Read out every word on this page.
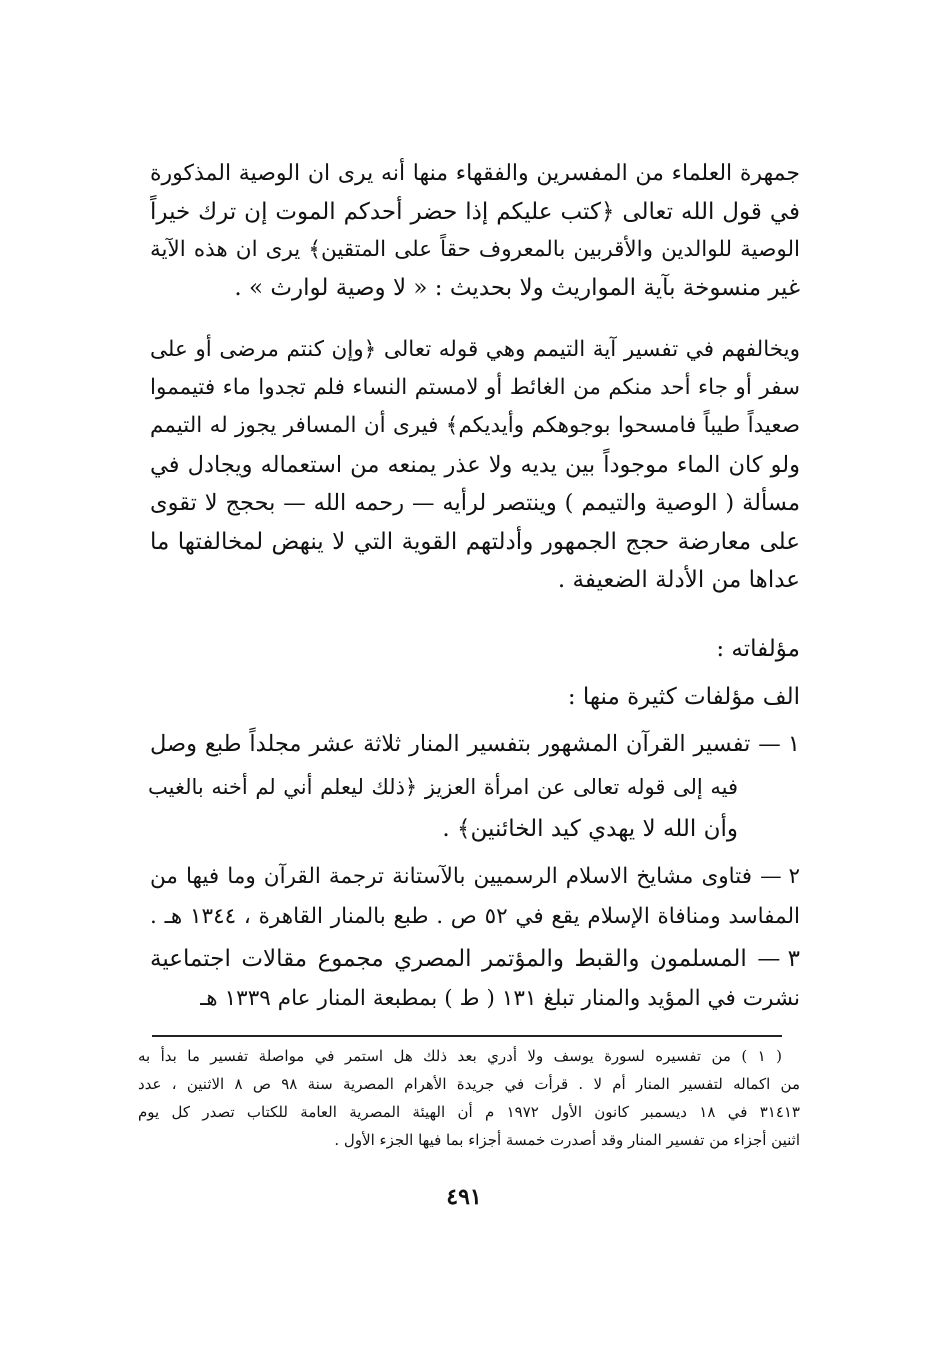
جمهرة العلماء من المفسرين والفقهاء منها أنه يرى ان الوصية المذكورة
في قول الله تعالى ﴿كتب عليكم إذا حضر أحدكم الموت إن ترك خيراً
الوصية للوالدين والأقربين بالمعروف حقاً على المتقين﴾ يرى ان هذه الآية
غير منسوخة بآية المواريث ولا بحديث : « لا وصية لوارث » .
ويخالفهم في تفسير آية التيمم وهي قوله تعالى ﴿وإن كنتم مرضى أو على
سفر أو جاء أحد منكم من الغائط أو لامستم النساء فلم تجدوا ماء فتيمموا
صعيداً طيباً فامسحوا بوجوهكم وأيديكم﴾ فيرى أن المسافر يجوز له التيمم
ولو كان الماء موجوداً بين يديه ولا عذر يمنعه من استعماله ويجادل في
مسألة ( الوصية والتيمم ) وينتصر لرأيه — رحمه الله — بحجج لا تقوى
على معارضة حجج الجمهور وأدلتهم القوية التي لا ينهض لمخالفتها ما
عداها من الأدلة الضعيفة .
مؤلفاته :
الف مؤلفات كثيرة منها :
١ — تفسير القرآن المشهور بتفسير المنار ثلاثة عشر مجلداً طبع وصل
فيه إلى قوله تعالى عن امرأة العزيز ﴿ذلك ليعلم أني لم أخنه بالغيب
وأن الله لا يهدي كيد الخائنين﴾ .
٢ — فتاوى مشايخ الاسلام الرسميين بالآستانة ترجمة القرآن وما فيها من
المفاسد ومنافاة الإسلام يقع في ٥٢ ص . طبع بالمنار القاهرة ، ١٣٤٤ هـ .
٣ — المسلمون والقبط والمؤتمر المصري مجموع مقالات اجتماعية
نشرت في المؤيد والمنار تبلغ ١٣١ ( ط ) بمطبعة المنار عام ١٣٣٩ هـ
( ١ ) من تفسيره لسورة يوسف ولا أدري بعد ذلك هل استمر في مواصلة تفسير ما بدأ به
من اكماله لتفسير المنار أم لا . قرأت في جريدة الأهرام المصرية سنة ٩٨ ص ٨ الاثنين ، عدد
٣١٤١٣ في ١٨ ديسمبر كانون الأول ١٩٧٢ م أن الهيئة المصرية العامة للكتاب تصدر كل يوم
اثنين أجزاء من تفسير المنار وقد أصدرت خمسة أجزاء بما فيها الجزء الأول .
٤٩١
